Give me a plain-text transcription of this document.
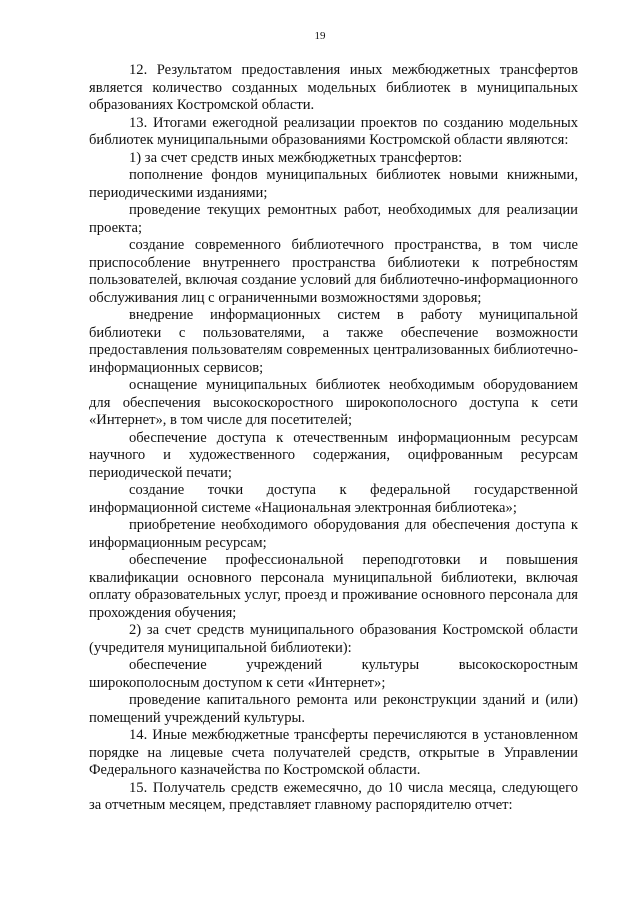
19

12. Результатом предоставления иных межбюджетных трансфертов является количество созданных модельных библиотек в муниципальных образованиях Костромской области.

13. Итогами ежегодной реализации проектов по созданию модельных библиотек муниципальными образованиями Костромской области являются:

1) за счет средств иных межбюджетных трансфертов:

пополнение фондов муниципальных библиотек новыми книжными, периодическими изданиями;

проведение текущих ремонтных работ, необходимых для реализации проекта;

создание современного библиотечного пространства, в том числе приспособление внутреннего пространства библиотеки к потребностям пользователей, включая создание условий для библиотечно-информационного обслуживания лиц с ограниченными возможностями здоровья;

внедрение информационных систем в работу муниципальной библиотеки с пользователями, а также обеспечение возможности предоставления пользователям современных централизованных библиотечно-информационных сервисов;

оснащение муниципальных библиотек необходимым оборудованием для обеспечения высокоскоростного широкополосного доступа к сети «Интернет», в том числе для посетителей;

обеспечение доступа к отечественным информационным ресурсам научного и художественного содержания, оцифрованным ресурсам периодической печати;

создание точки доступа к федеральной государственной информационной системе «Национальная электронная библиотека»;

приобретение необходимого оборудования для обеспечения доступа к информационным ресурсам;

обеспечение профессиональной переподготовки и повышения квалификации основного персонала муниципальной библиотеки, включая оплату образовательных услуг, проезд и проживание основного персонала для прохождения обучения;

2) за счет средств муниципального образования Костромской области (учредителя муниципальной библиотеки):

обеспечение учреждений культуры высокоскоростным широкополосным доступом к сети «Интернет»;

проведение капитального ремонта или реконструкции зданий и (или) помещений учреждений культуры.

14. Иные межбюджетные трансферты перечисляются в установленном порядке на лицевые счета получателей средств, открытые в Управлении Федерального казначейства по Костромской области.

15. Получатель средств ежемесячно, до 10 числа месяца, следующего за отчетным месяцем, представляет главному распорядителю отчет:
